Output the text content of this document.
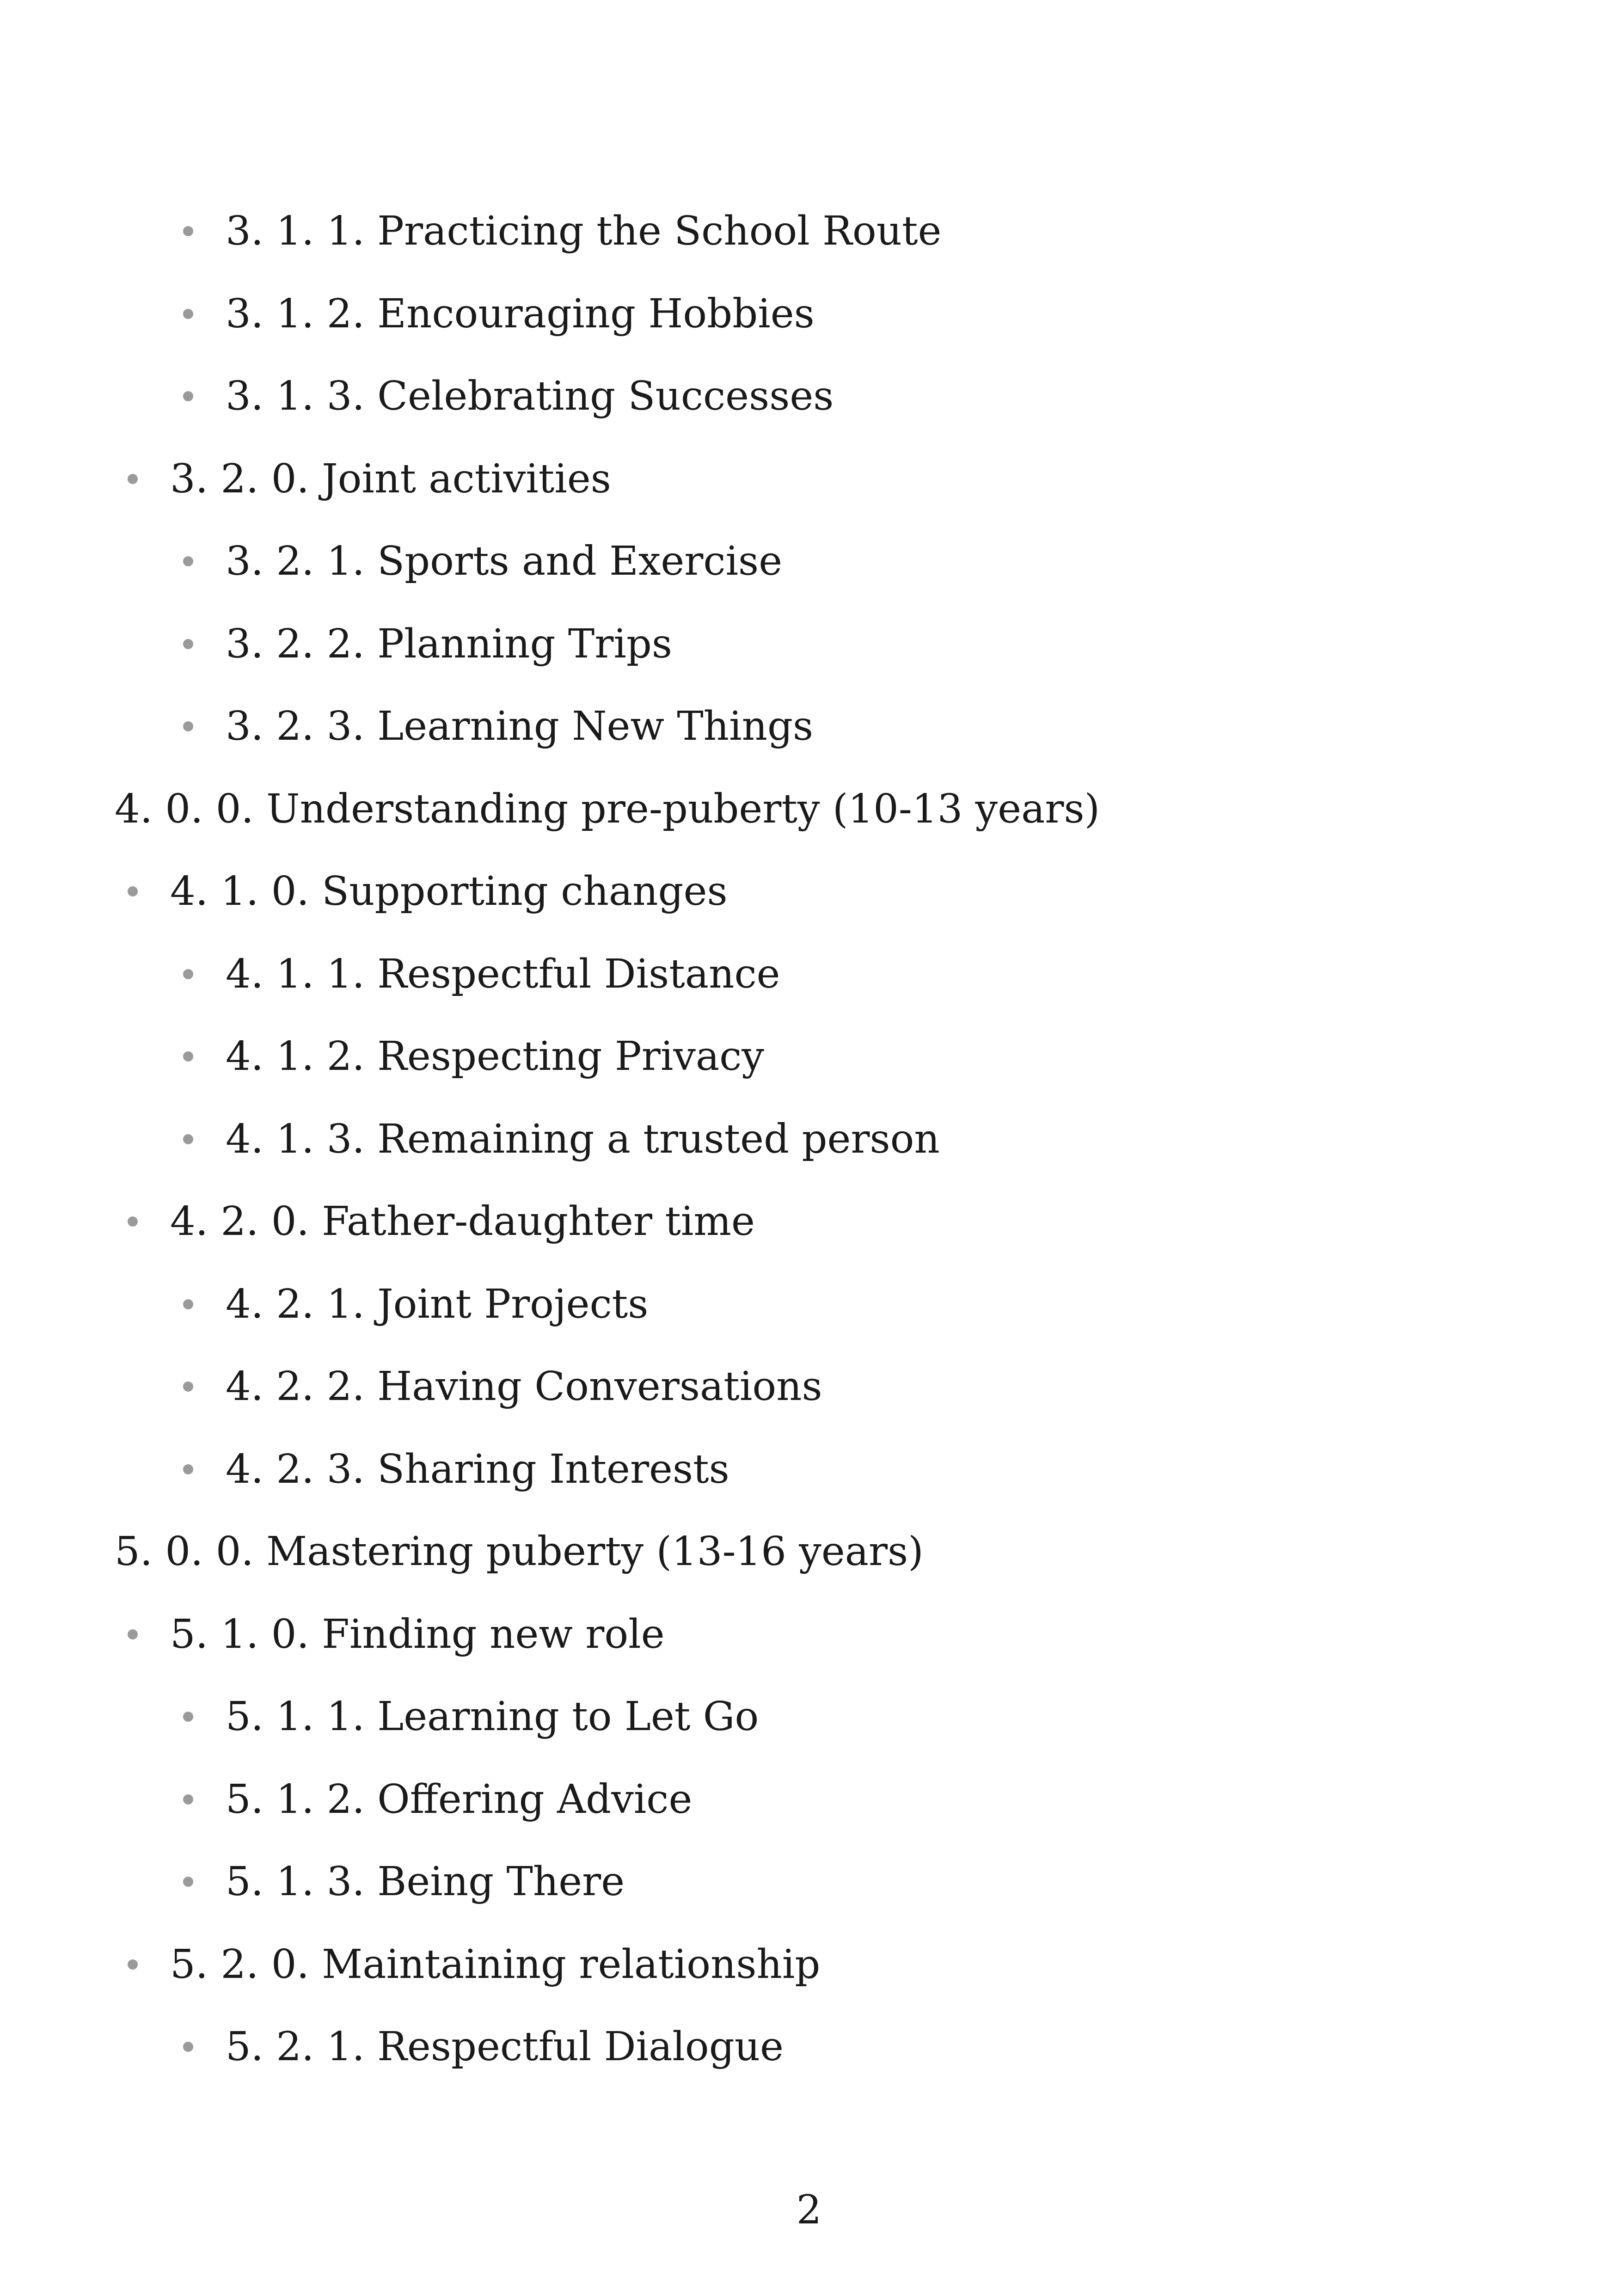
3. 1. 1. Practicing the School Route
3. 1. 2. Encouraging Hobbies
3. 1. 3. Celebrating Successes
3. 2. 0. Joint activities
3. 2. 1. Sports and Exercise
3. 2. 2. Planning Trips
3. 2. 3. Learning New Things
4. 0. 0. Understanding pre-puberty (10-13 years)
4. 1. 0. Supporting changes
4. 1. 1. Respectful Distance
4. 1. 2. Respecting Privacy
4. 1. 3. Remaining a trusted person
4. 2. 0. Father-daughter time
4. 2. 1. Joint Projects
4. 2. 2. Having Conversations
4. 2. 3. Sharing Interests
5. 0. 0. Mastering puberty (13-16 years)
5. 1. 0. Finding new role
5. 1. 1. Learning to Let Go
5. 1. 2. Offering Advice
5. 1. 3. Being There
5. 2. 0. Maintaining relationship
5. 2. 1. Respectful Dialogue
2
